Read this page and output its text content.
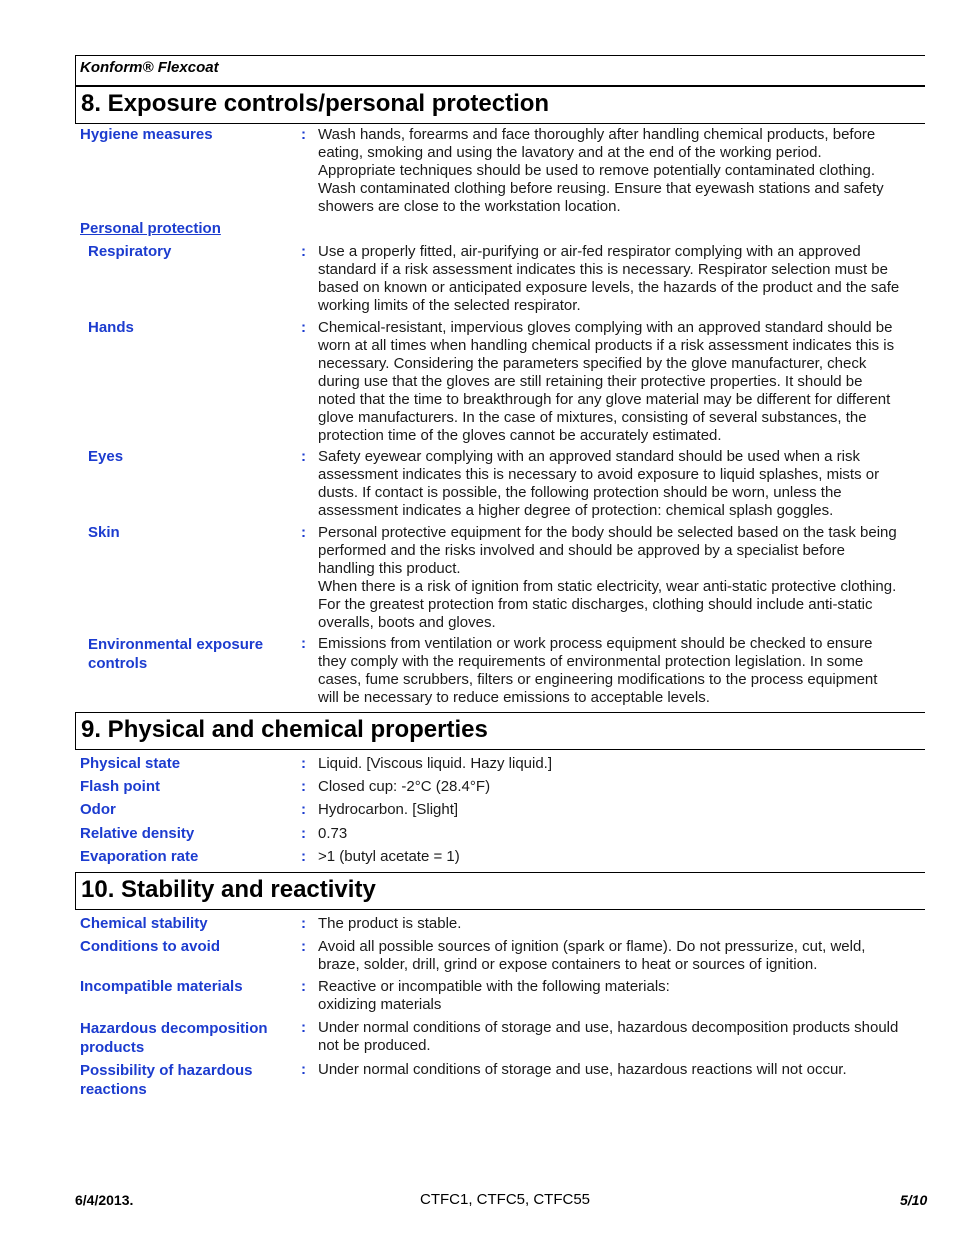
Konform® Flexcoat
8. Exposure controls/personal protection
Hygiene measures	: Wash hands, forearms and face thoroughly after handling chemical products, before
eating, smoking and using the lavatory and at the end of the working period.
Appropriate techniques should be used to remove potentially contaminated clothing.
Wash contaminated clothing before reusing. Ensure that eyewash stations and safety
showers are close to the workstation location.
Personal protection
Respiratory	: Use a properly fitted, air-purifying or air-fed respirator complying with an approved
standard if a risk assessment indicates this is necessary. Respirator selection must be
based on known or anticipated exposure levels, the hazards of the product and the safe
working limits of the selected respirator.
Hands	: Chemical-resistant, impervious gloves complying with an approved standard should be
worn at all times when handling chemical products if a risk assessment indicates this is
necessary. Considering the parameters specified by the glove manufacturer, check
during use that the gloves are still retaining their protective properties. It should be
noted that the time to breakthrough for any glove material may be different for different
glove manufacturers. In the case of mixtures, consisting of several substances, the
protection time of the gloves cannot be accurately estimated.
Eyes	: Safety eyewear complying with an approved standard should be used when a risk
assessment indicates this is necessary to avoid exposure to liquid splashes, mists or
dusts. If contact is possible, the following protection should be worn, unless the
assessment indicates a higher degree of protection: chemical splash goggles.
Skin	: Personal protective equipment for the body should be selected based on the task being
performed and the risks involved and should be approved by a specialist before
handling this product.
When there is a risk of ignition from static electricity, wear anti-static protective clothing.
For the greatest protection from static discharges, clothing should include anti-static
overalls, boots and gloves.
Environmental exposure
controls
: Emissions from ventilation or work process equipment should be checked to ensure
they comply with the requirements of environmental protection legislation. In some
cases, fume scrubbers, filters or engineering modifications to the process equipment
will be necessary to reduce emissions to acceptable levels.
9. Physical and chemical properties
Physical state	: Liquid. [Viscous liquid. Hazy liquid.]
Flash point	: Closed cup: -2°C (28.4°F)
Odor	: Hydrocarbon. [Slight]
Relative density	: 0.73
Evaporation rate	: >1 (butyl acetate = 1)
10. Stability and reactivity
Chemical stability	: The product is stable.
Conditions to avoid	: Avoid all possible sources of ignition (spark or flame). Do not pressurize, cut, weld,
braze, solder, drill, grind or expose containers to heat or sources of ignition.
Incompatible materials	: Reactive or incompatible with the following materials:
oxidizing materials
Hazardous decomposition
products
: Under normal conditions of storage and use, hazardous decomposition products should
not be produced.
Possibility of hazardous
reactions
: Under normal conditions of storage and use, hazardous reactions will not occur.
6/4/2013.	CTFC1, CTFC5, CTFC55	5/10
